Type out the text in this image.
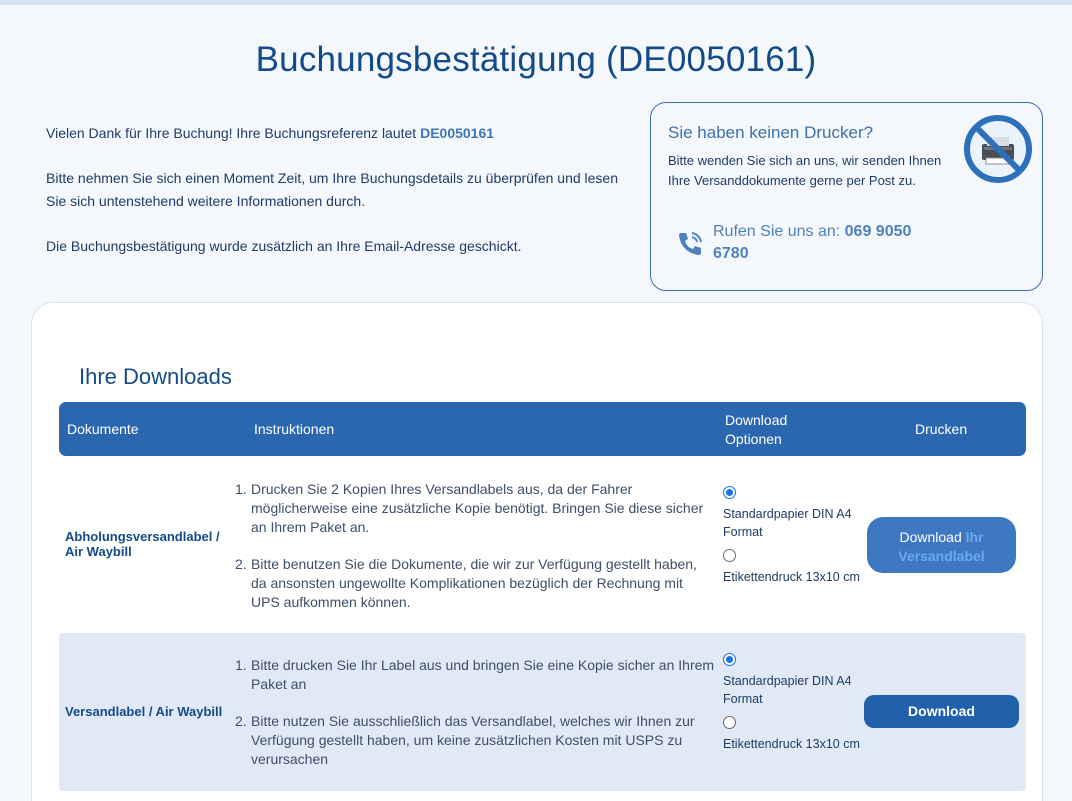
Buchungsbestätigung (DE0050161)

Vielen Dank für Ihre Buchung! Ihre Buchungsreferenz lautet DE0050161

Bitte nehmen Sie sich einen Moment Zeit, um Ihre Buchungsdetails zu überprüfen und lesen Sie sich untenstehend weitere Informationen durch.

Die Buchungsbestätigung wurde zusätzlich an Ihre Email-Adresse geschickt.

Sie haben keinen Drucker?
Bitte wenden Sie sich an uns, wir senden Ihnen Ihre Versanddokumente gerne per Post zu.
Rufen Sie uns an: 069 9050 6780
Ihre Downloads
Dokumente	Instruktionen
Download Optionen
Drucken
Abholungsversandlabel / Air Waybill
1. Drucken Sie 2 Kopien Ihres Versandlabels aus, da der Fahrer möglicherweise eine zusätzliche Kopie benötigt. Bringen Sie diese sicher an Ihrem Paket an.
2. Bitte benutzen Sie die Dokumente, die wir zur Verfügung gestellt haben, da ansonsten ungewollte Komplikationen bezüglich der Rechnung mit UPS aufkommen können.
Standardpapier DIN A4 Format
Etikettendruck 13x10 cm
Download Ihr Versandlabel
Versandlabel / Air Waybill
1. Bitte drucken Sie Ihr Label aus und bringen Sie eine Kopie sicher an Ihrem Paket an
2. Bitte nutzen Sie ausschließlich das Versandlabel, welches wir Ihnen zur Verfügung gestellt haben, um keine zusätzlichen Kosten mit USPS zu verursachen
Standardpapier DIN A4 Format
Etikettendruck 13x10 cm
Download
